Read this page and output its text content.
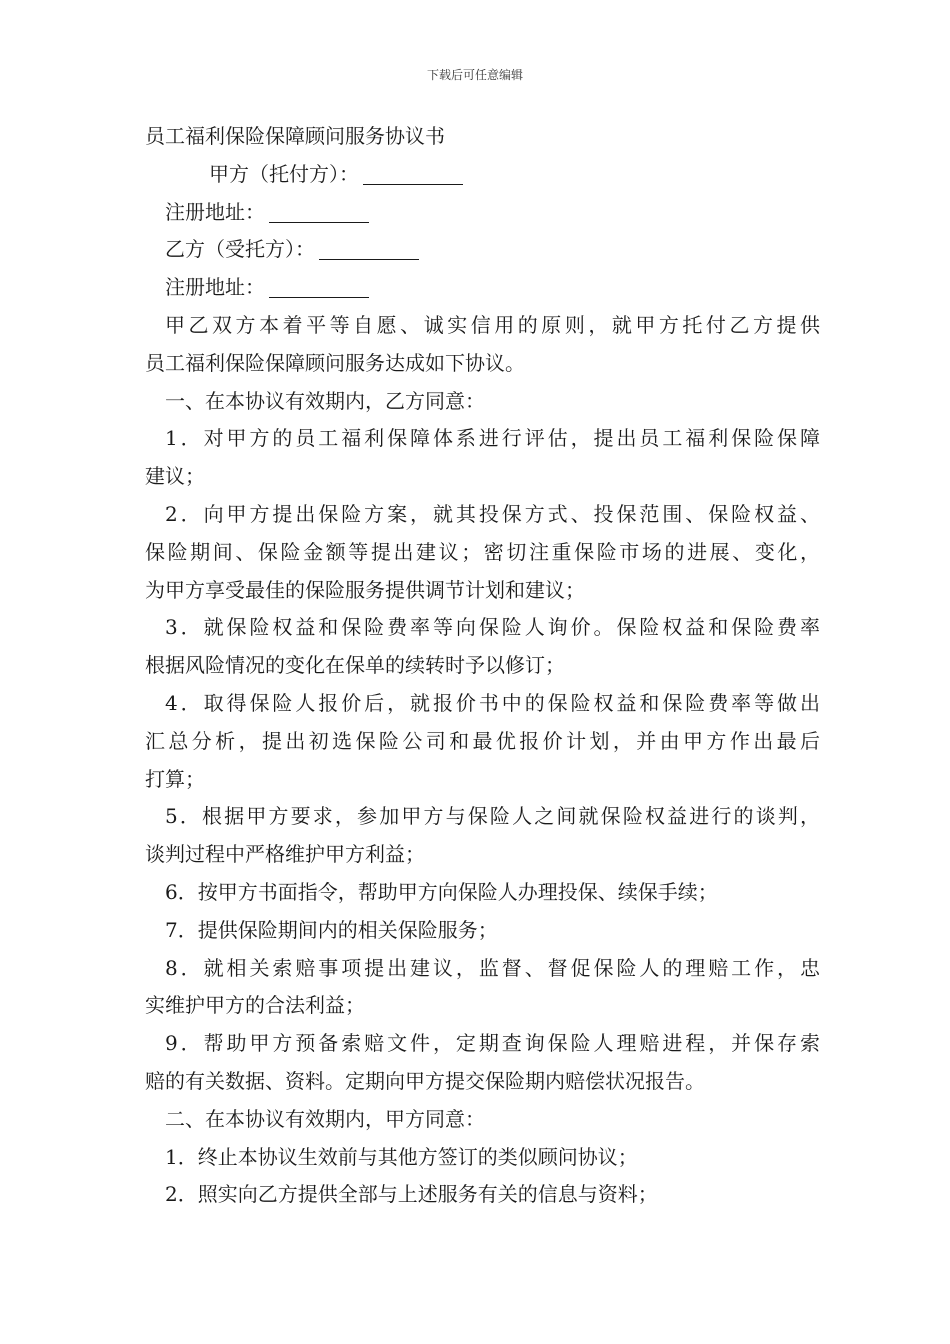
下载后可任意编辑
员工福利保险保障顾问服务协议书
甲方（托付方）：
注册地址：
乙方（受托方）：
注册地址：
甲乙双方本着平等自愿、诚实信用的原则，就甲方托付乙方提供
员工福利保险保障顾问服务达成如下协议。
一、在本协议有效期内，乙方同意：
1．对甲方的员工福利保障体系进行评估，提出员工福利保险保障
建议；
2．向甲方提出保险方案，就其投保方式、投保范围、保险权益、
保险期间、保险金额等提出建议；密切注重保险市场的进展、变化，
为甲方享受最佳的保险服务提供调节计划和建议；
3．就保险权益和保险费率等向保险人询价。保险权益和保险费率
根据风险情况的变化在保单的续转时予以修订；
4．取得保险人报价后，就报价书中的保险权益和保险费率等做出
汇总分析，提出初选保险公司和最优报价计划，并由甲方作出最后
打算；
5．根据甲方要求，参加甲方与保险人之间就保险权益进行的谈判，
谈判过程中严格维护甲方利益；
6．按甲方书面指令，帮助甲方向保险人办理投保、续保手续；
7．提供保险期间内的相关保险服务；
8．就相关索赔事项提出建议，监督、督促保险人的理赔工作，忠
实维护甲方的合法利益；
9．帮助甲方预备索赔文件，定期查询保险人理赔进程，并保存索
赔的有关数据、资料。定期向甲方提交保险期内赔偿状况报告。
二、在本协议有效期内，甲方同意：
1．终止本协议生效前与其他方签订的类似顾问协议；
2．照实向乙方提供全部与上述服务有关的信息与资料；
